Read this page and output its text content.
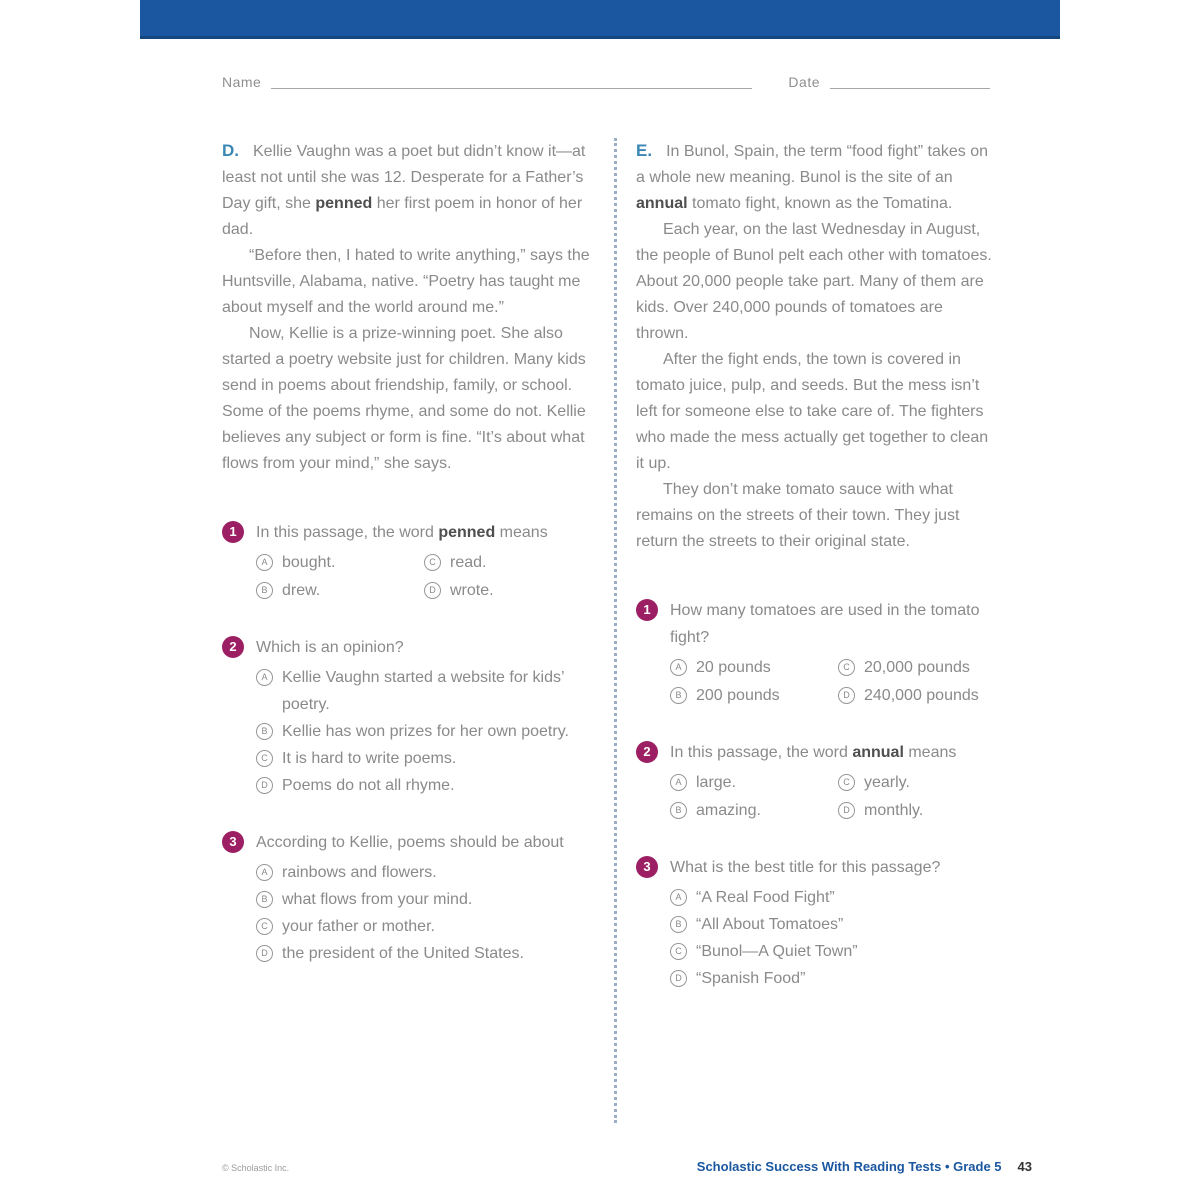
Name	Date

D. Kellie Vaughn was a poet but didn’t know it—at least not until she was 12. Desperate for a Father’s Day gift, she penned her first poem in honor of her dad.

“Before then, I hated to write anything,” says the Huntsville, Alabama, native. “Poetry has taught me about myself and the world around me.”

Now, Kellie is a prize-winning poet. She also started a poetry website just for children. Many kids send in poems about friendship, family, or school. Some of the poems rhyme, and some do not. Kellie believes any subject or form is fine. “It’s about what flows from your mind,” she says.

1	In this passage, the word penned means
A bought.
B drew.
C read.
D wrote.
2	Which is an opinion?
A Kellie Vaughn started a website for kids’ poetry.
B Kellie has won prizes for her own poetry.
C It is hard to write poems.
D Poems do not all rhyme.
3	According to Kellie, poems should be about
A rainbows and flowers.
B what flows from your mind.
C your father or mother.
D the president of the United States.

E. In Bunol, Spain, the term “food fight” takes on a whole new meaning. Bunol is the site of an annual tomato fight, known as the Tomatina.

Each year, on the last Wednesday in August, the people of Bunol pelt each other with tomatoes. About 20,000 people take part. Many of them are kids. Over 240,000 pounds of tomatoes are thrown.

After the fight ends, the town is covered in tomato juice, pulp, and seeds. But the mess isn’t left for someone else to take care of. The fighters who made the mess actually get together to clean it up.

They don’t make tomato sauce with what remains on the streets of their town. They just return the streets to their original state.

1	How many tomatoes are used in the tomato fight?
A 20 pounds
B 200 pounds
C 20,000 pounds
D 240,000 pounds
2	In this passage, the word annual means
A large.
B amazing.
C yearly.
D monthly.
3	What is the best title for this passage?
A “A Real Food Fight”
B “All About Tomatoes”
C “Bunol—A Quiet Town”
D “Spanish Food”
© Scholastic Inc.	Scholastic Success With Reading Tests • Grade 5 43
